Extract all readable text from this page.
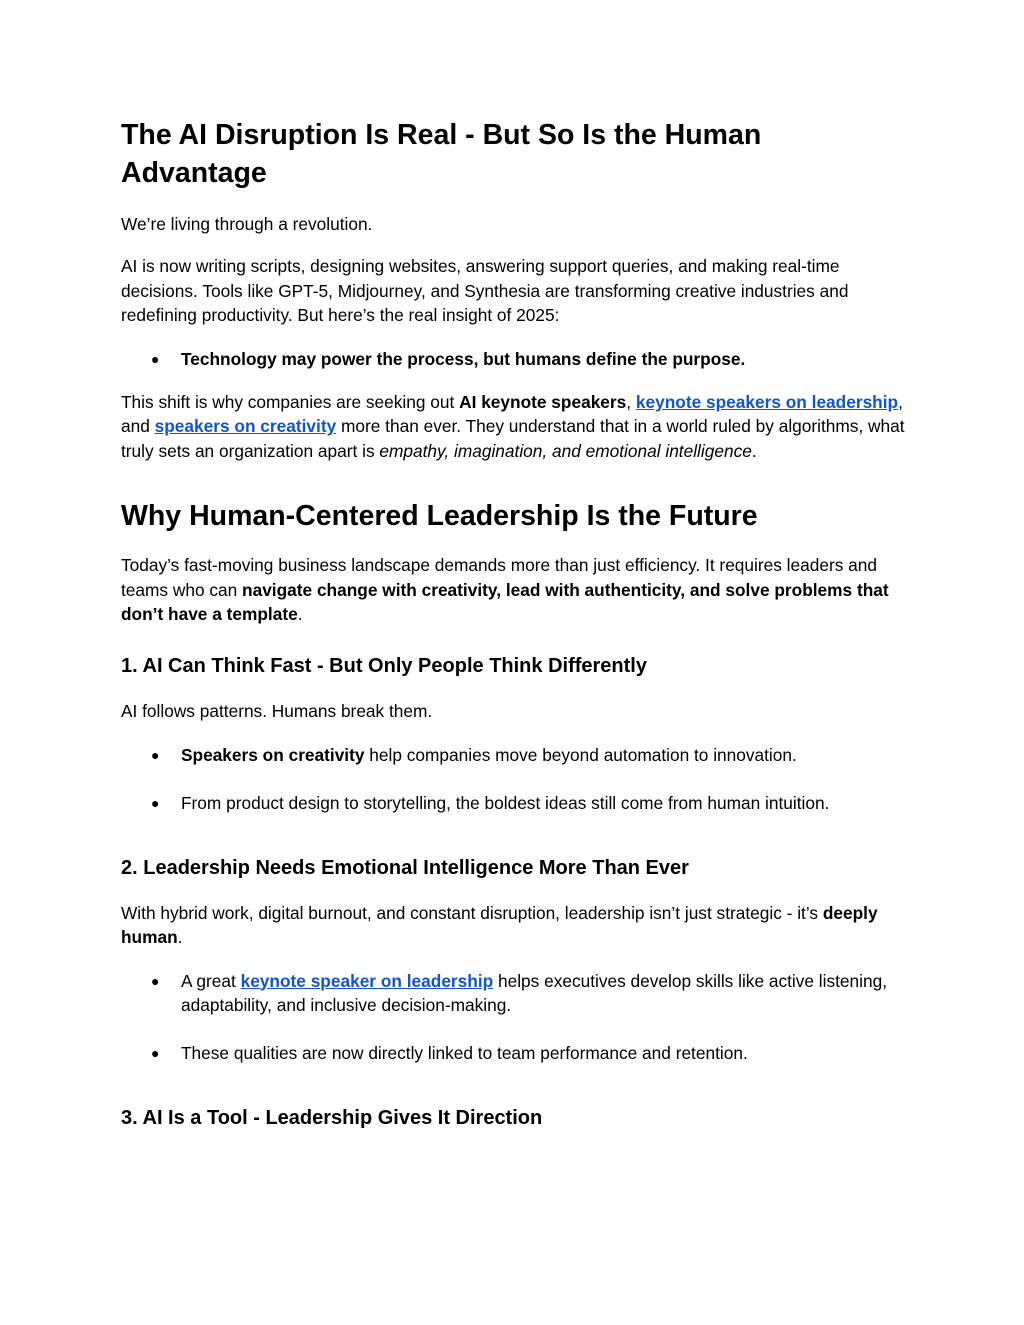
The AI Disruption Is Real - But So Is the Human Advantage

We’re living through a revolution.

AI is now writing scripts, designing websites, answering support queries, and making real-time decisions. Tools like GPT-5, Midjourney, and Synthesia are transforming creative industries and redefining productivity. But here’s the real insight of 2025:

● Technology may power the process, but humans define the purpose.

This shift is why companies are seeking out AI keynote speakers, keynote speakers on leadership, and speakers on creativity more than ever. They understand that in a world ruled by algorithms, what truly sets an organization apart is empathy, imagination, and emotional intelligence.

Why Human-Centered Leadership Is the Future

Today’s fast-moving business landscape demands more than just efficiency. It requires leaders and teams who can navigate change with creativity, lead with authenticity, and solve problems that don’t have a template.

1. AI Can Think Fast - But Only People Think Differently

AI follows patterns. Humans break them.

● Speakers on creativity help companies move beyond automation to innovation.
● From product design to storytelling, the boldest ideas still come from human intuition.
2. Leadership Needs Emotional Intelligence More Than Ever

With hybrid work, digital burnout, and constant disruption, leadership isn’t just strategic - it’s deeply human.

● A great keynote speaker on leadership helps executives develop skills like active listening, adaptability, and inclusive decision-making.
● These qualities are now directly linked to team performance and retention.
3. AI Is a Tool - Leadership Gives It Direction
